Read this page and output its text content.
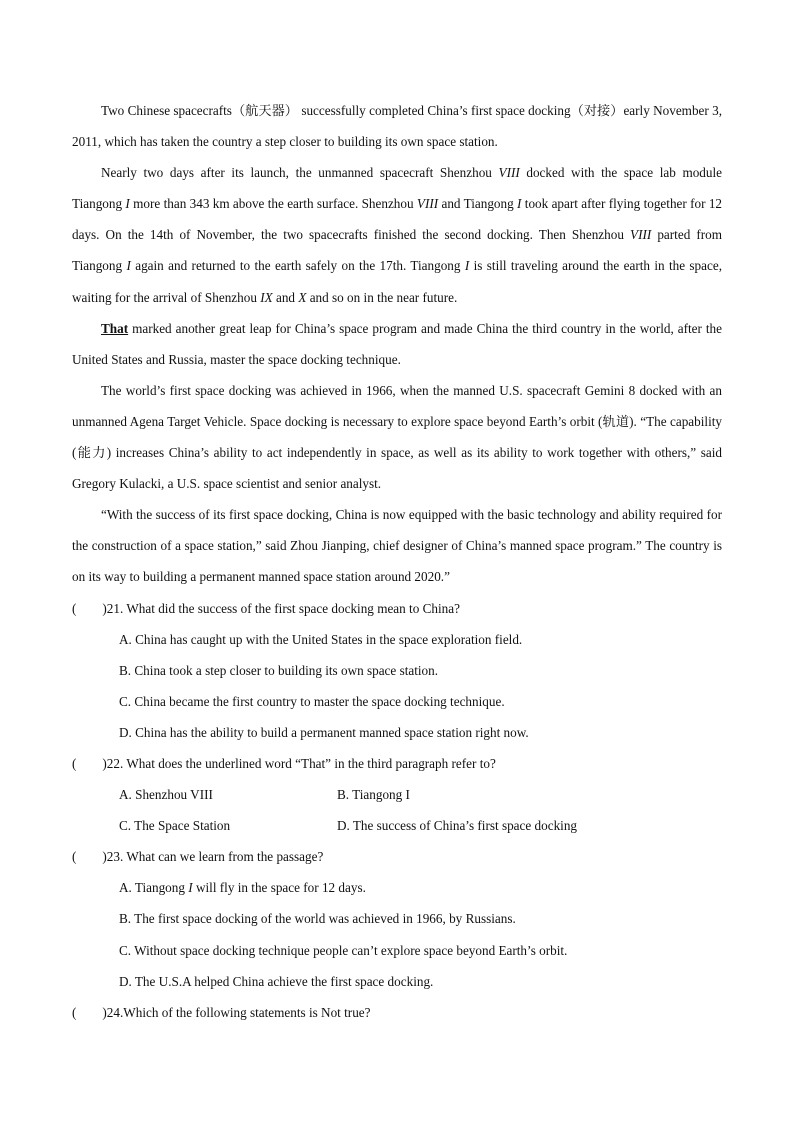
Two Chinese spacecrafts（航天器） successfully completed China’s first space docking（对接）early November 3, 2011, which has taken the country a step closer to building its own space station.

Nearly two days after its launch, the unmanned spacecraft Shenzhou VIII docked with the space lab module Tiangong I more than 343 km above the earth surface. Shenzhou VIII and Tiangong I took apart after flying together for 12 days. On the 14th of November, the two spacecrafts finished the second docking. Then Shenzhou VIII parted from Tiangong I again and returned to the earth safely on the 17th. Tiangong I is still traveling around the earth in the space, waiting for the arrival of Shenzhou IX and X and so on in the near future.

That marked another great leap for China’s space program and made China the third country in the world, after the United States and Russia, master the space docking technique.

The world’s first space docking was achieved in 1966, when the manned U.S. spacecraft Gemini 8 docked with an unmanned Agena Target Vehicle. Space docking is necessary to explore space beyond Earth’s orbit (轨道). “The capability (能力) increases China’s ability to act independently in space, as well as its ability to work together with others,” said Gregory Kulacki, a U.S. space scientist and senior analyst.

“With the success of its first space docking, China is now equipped with the basic technology and ability required for the construction of a space station,” said Zhou Jianping, chief designer of China’s manned space program.” The country is on its way to building a permanent manned space station around 2020.”

( )21. What did the success of the first space docking mean to China?

A. China has caught up with the United States in the space exploration field.

B. China took a step closer to building its own space station.

C. China became the first country to master the space docking technique.

D. China has the ability to build a permanent manned space station right now.

( )22. What does the underlined word “That” in the third paragraph refer to?

A. Shenzhou VIII	B. Tiangong I
C. The Space Station	D. The success of China’s first space docking

( )23. What can we learn from the passage?

A. Tiangong I will fly in the space for 12 days.

B. The first space docking of the world was achieved in 1966, by Russians.

C. Without space docking technique people can’t explore space beyond Earth’s orbit.

D. The U.S.A helped China achieve the first space docking.

( )24.Which of the following statements is Not true?
